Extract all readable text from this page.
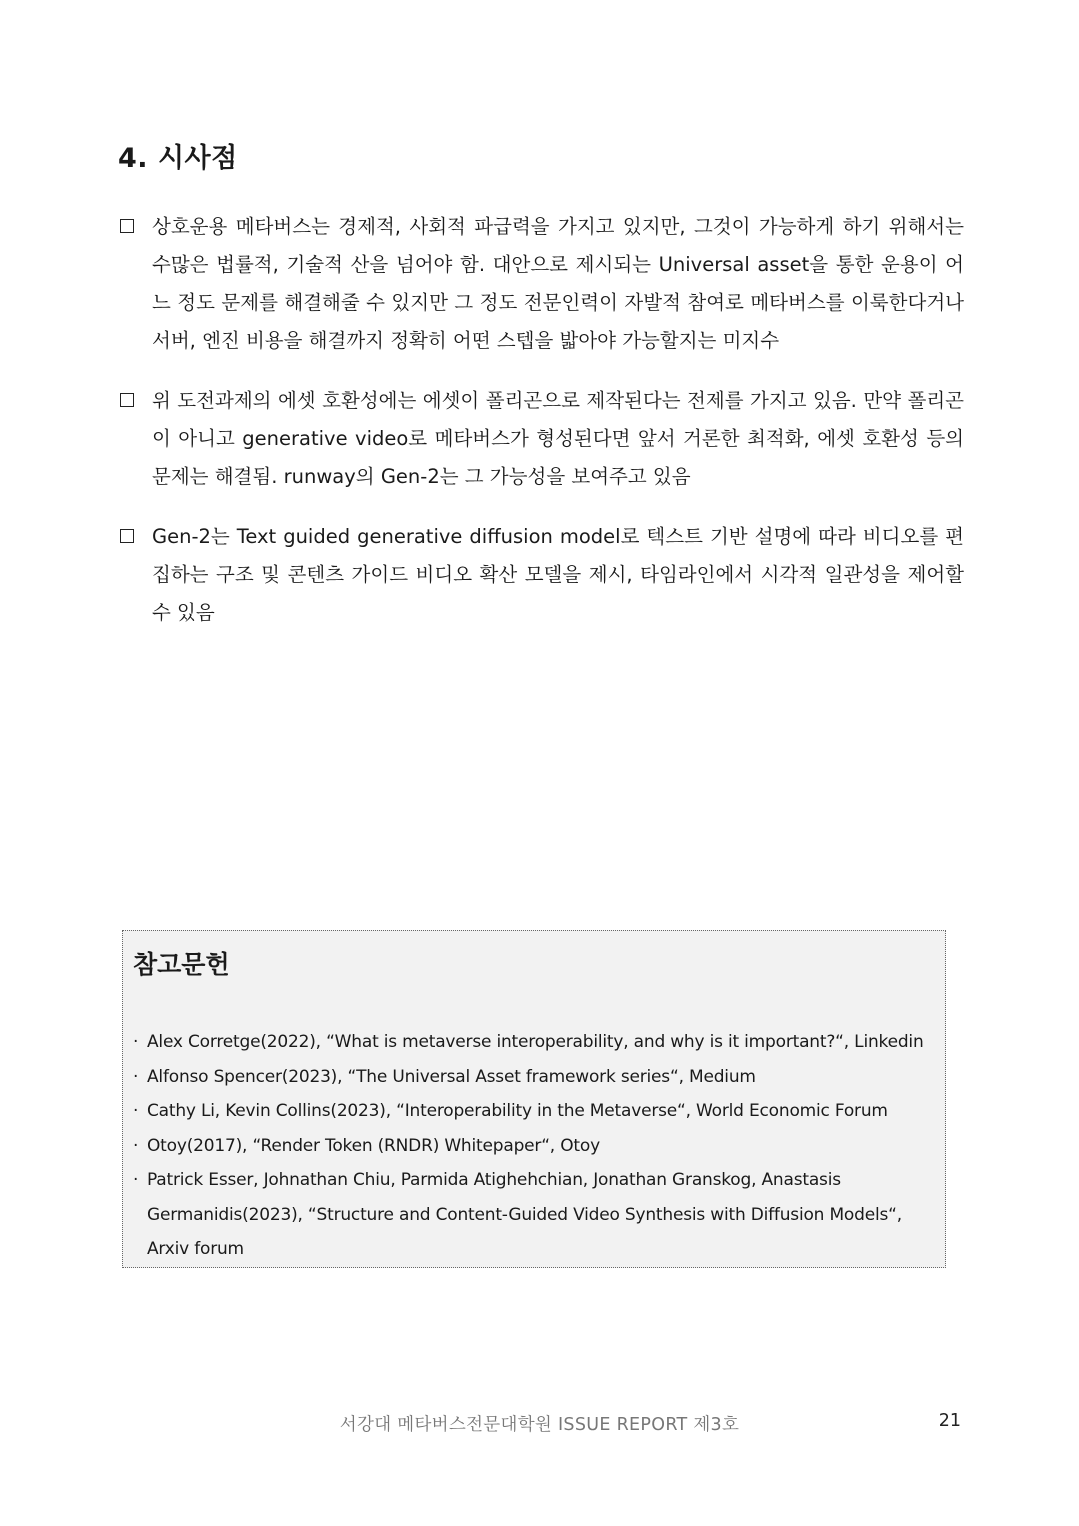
4. 시사점
상호운용 메타버스는 경제적, 사회적 파급력을 가지고 있지만, 그것이 가능하게 하기 위해서는 수많은 법률적, 기술적 산을 넘어야 함. 대안으로 제시되는 Universal asset을 통한 운용이 어느 정도 문제를 해결해줄 수 있지만 그 정도 전문인력이 자발적 참여로 메타버스를 이룩한다거나 서버, 엔진 비용을 해결까지 정확히 어떤 스텝을 밟아야 가능할지는 미지수
위 도전과제의 에셋 호환성에는 에셋이 폴리곤으로 제작된다는 전제를 가지고 있음. 만약 폴리곤이 아니고 generative video로 메타버스가 형성된다면 앞서 거론한 최적화, 에셋 호환성 등의 문제는 해결됨. runway의 Gen-2는 그 가능성을 보여주고 있음
Gen-2는 Text guided generative diffusion model로 텍스트 기반 설명에 따라 비디오를 편집하는 구조 및 콘텐츠 가이드 비디오 확산 모델을 제시, 타임라인에서 시각적 일관성을 제어할 수 있음
참고문헌
· Alex Corretge(2022), “What is metaverse interoperability, and why is it important?“, Linkedin
· Alfonso Spencer(2023), “The Universal Asset framework series“, Medium
· Cathy Li, Kevin Collins(2023), “Interoperability in the Metaverse“, World Economic Forum
· Otoy(2017), “Render Token (RNDR) Whitepaper“, Otoy
· Patrick Esser, Johnathan Chiu, Parmida Atighehchian, Jonathan Granskog, Anastasis Germanidis(2023), “Structure and Content-Guided Video Synthesis with Diffusion Models“, Arxiv forum
서강대 메타버스전문대학원 ISSUE REPORT 제3호	21
